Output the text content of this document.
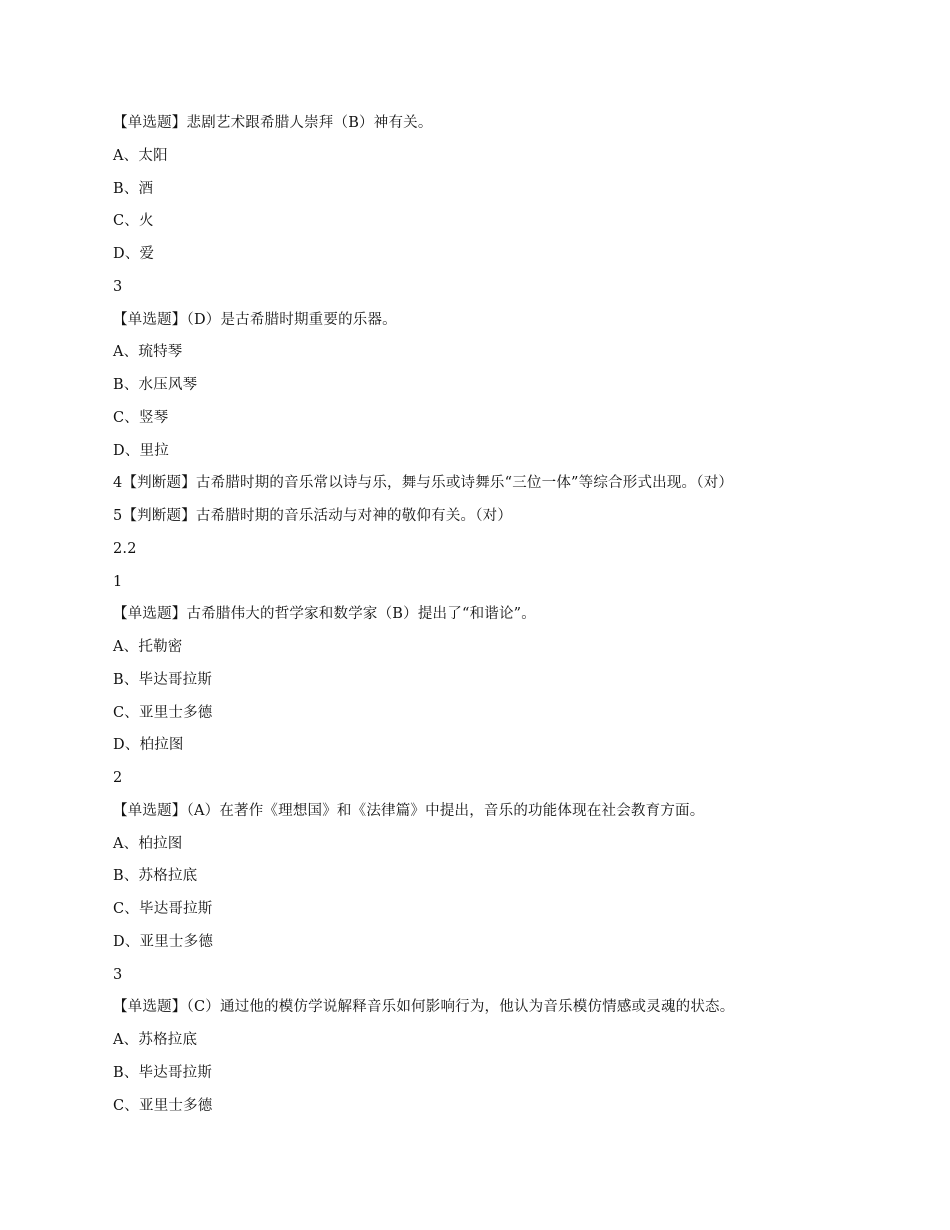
【单选题】悲剧艺术跟希腊人崇拜（B）神有关。
A、太阳
B、酒
C、火
D、爱
3
【单选题】（D）是古希腊时期重要的乐器。
A、琉特琴
B、水压风琴
C、竖琴
D、里拉
4【判断题】古希腊时期的音乐常以诗与乐，舞与乐或诗舞乐“三位一体”等综合形式出现。（对）
5【判断题】古希腊时期的音乐活动与对神的敬仰有关。（对）
2.2
1
【单选题】古希腊伟大的哲学家和数学家（B）提出了“和谐论”。
A、托勒密
B、毕达哥拉斯
C、亚里士多德
D、柏拉图
2
【单选题】（A）在著作《理想国》和《法律篇》中提出，音乐的功能体现在社会教育方面。
A、柏拉图
B、苏格拉底
C、毕达哥拉斯
D、亚里士多德
3
【单选题】（C）通过他的模仿学说解释音乐如何影响行为，他认为音乐模仿情感或灵魂的状态。
A、苏格拉底
B、毕达哥拉斯
C、亚里士多德
